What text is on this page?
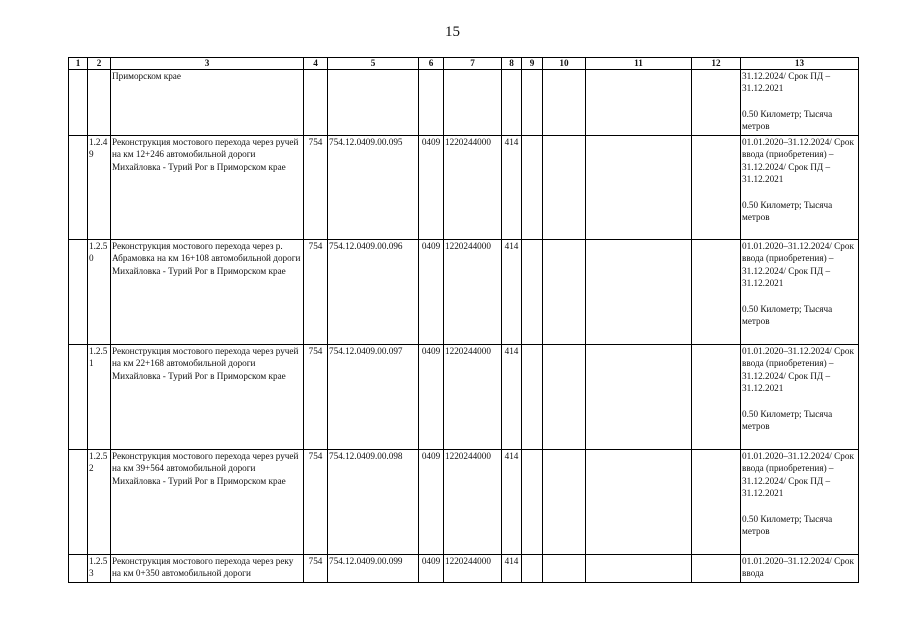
15
1	2	3	4	5	6	7	8	9	10	11	12	13
		Приморском крае										31.12.2024/ Срок ПД – 31.12.2021
0.50 Километр; Тысяча метров

	1.2.49	Реконструкция мостового перехода через ручей на км 12+246 автомобильной дороги Михайловка - Турий Рог в Приморском крае	754	754.12.0409.00.095	0409	1220244000	414					01.01.2020–31.12.2024/ Срок ввода (приобретения) – 31.12.2024/ Срок ПД – 31.12.2021
0.50 Километр; Тысяча метров

	1.2.50	Реконструкция мостового перехода через р. Абрамовка на км 16+108 автомобильной дороги Михайловка - Турий Рог в Приморском крае	754	754.12.0409.00.096	0409	1220244000	414					01.01.2020–31.12.2024/ Срок ввода (приобретения) – 31.12.2024/ Срок ПД – 31.12.2021
0.50 Километр; Тысяча метров

	1.2.51	Реконструкция мостового перехода через ручей на км 22+168 автомобильной дороги Михайловка - Турий Рог в Приморском крае	754	754.12.0409.00.097	0409	1220244000	414					01.01.2020–31.12.2024/ Срок ввода (приобретения) – 31.12.2024/ Срок ПД – 31.12.2021
0.50 Километр; Тысяча метров

	1.2.52	Реконструкция мостового перехода через ручей на км 39+564 автомобильной дороги Михайловка - Турий Рог в Приморском крае	754	754.12.0409.00.098	0409	1220244000	414					01.01.2020–31.12.2024/ Срок ввода (приобретения) – 31.12.2024/ Срок ПД – 31.12.2021
0.50 Километр; Тысяча метров

	1.2.53	Реконструкция мостового перехода через реку на км 0+350 автомобильной дороги	754	754.12.0409.00.099	0409	1220244000	414					01.01.2020–31.12.2024/ Срок ввода
